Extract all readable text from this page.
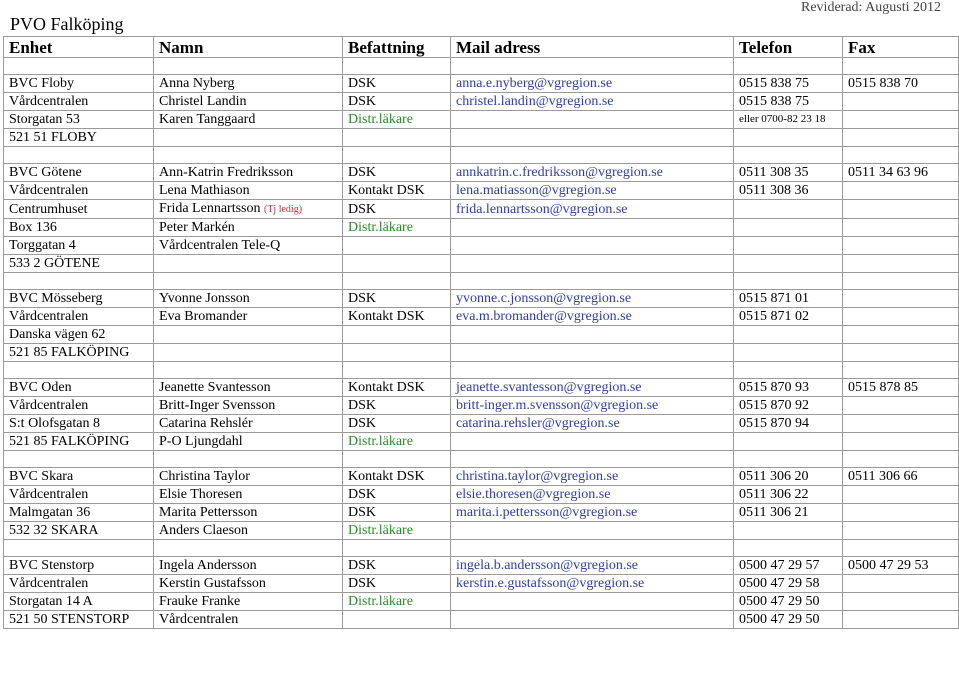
PVO Falköping
Reviderad: Augusti 2012
Enhet	Namn	Befattning	Mail adress	Telefon	Fax

BVC Floby	Anna Nyberg	DSK	anna.e.nyberg@vgregion.se	0515 838 75	0515 838 70
Vårdcentralen	Christel Landin	DSK	christel.landin@vgregion.se	0515 838 75	
Storgatan 53	Karen Tanggaard	Distr.läkare		eller 0700-82 23 18	
521 51 FLOBY					

BVC Götene	Ann-Katrin Fredriksson	DSK	annkatrin.c.fredriksson@vgregion.se	0511 308 35	0511 34 63 96
Vårdcentralen	Lena Mathiason	Kontakt DSK	lena.matiasson@vgregion.se	0511 308 36	
Centrumhuset	Frida Lennartsson (Tj ledig)	DSK	frida.lennartsson@vgregion.se		
Box 136	Peter Markén	Distr.läkare			
Torggatan 4	Vårdcentralen Tele-Q				
533 2 GÖTENE					

BVC Mösseberg	Yvonne Jonsson	DSK	yvonne.c.jonsson@vgregion.se	0515 871 01	
Vårdcentralen	Eva Bromander	Kontakt DSK	eva.m.bromander@vgregion.se	0515 871 02	
Danska vägen 62					
521 85 FALKÖPING					

BVC Oden	Jeanette Svantesson	Kontakt DSK	jeanette.svantesson@vgregion.se	0515 870 93	0515 878 85
Vårdcentralen	Britt-Inger Svensson	DSK	britt-inger.m.svensson@vgregion.se	0515 870 92	
S:t Olofsgatan 8	Catarina Rehslér	DSK	catarina.rehsler@vgregion.se	0515 870 94	
521 85 FALKÖPING	P-O Ljungdahl	Distr.läkare			

BVC Skara	Christina Taylor	Kontakt DSK	christina.taylor@vgregion.se	0511 306 20	0511 306 66
Vårdcentralen	Elsie Thoresen	DSK	elsie.thoresen@vgregion.se	0511 306 22	
Malmgatan 36	Marita Pettersson	DSK	marita.i.pettersson@vgregion.se	0511 306 21	
532 32 SKARA	Anders Claeson	Distr.läkare			

BVC Stenstorp	Ingela Andersson	DSK	ingela.b.andersson@vgregion.se	0500 47 29 57	0500 47 29 53
Vårdcentralen	Kerstin Gustafsson	DSK	kerstin.e.gustafsson@vgregion.se	0500 47 29 58	
Storgatan 14 A	Frauke Franke	Distr.läkare		0500 47 29 50	
521 50 STENSTORP	Vårdcentralen			0500 47 29 50	
